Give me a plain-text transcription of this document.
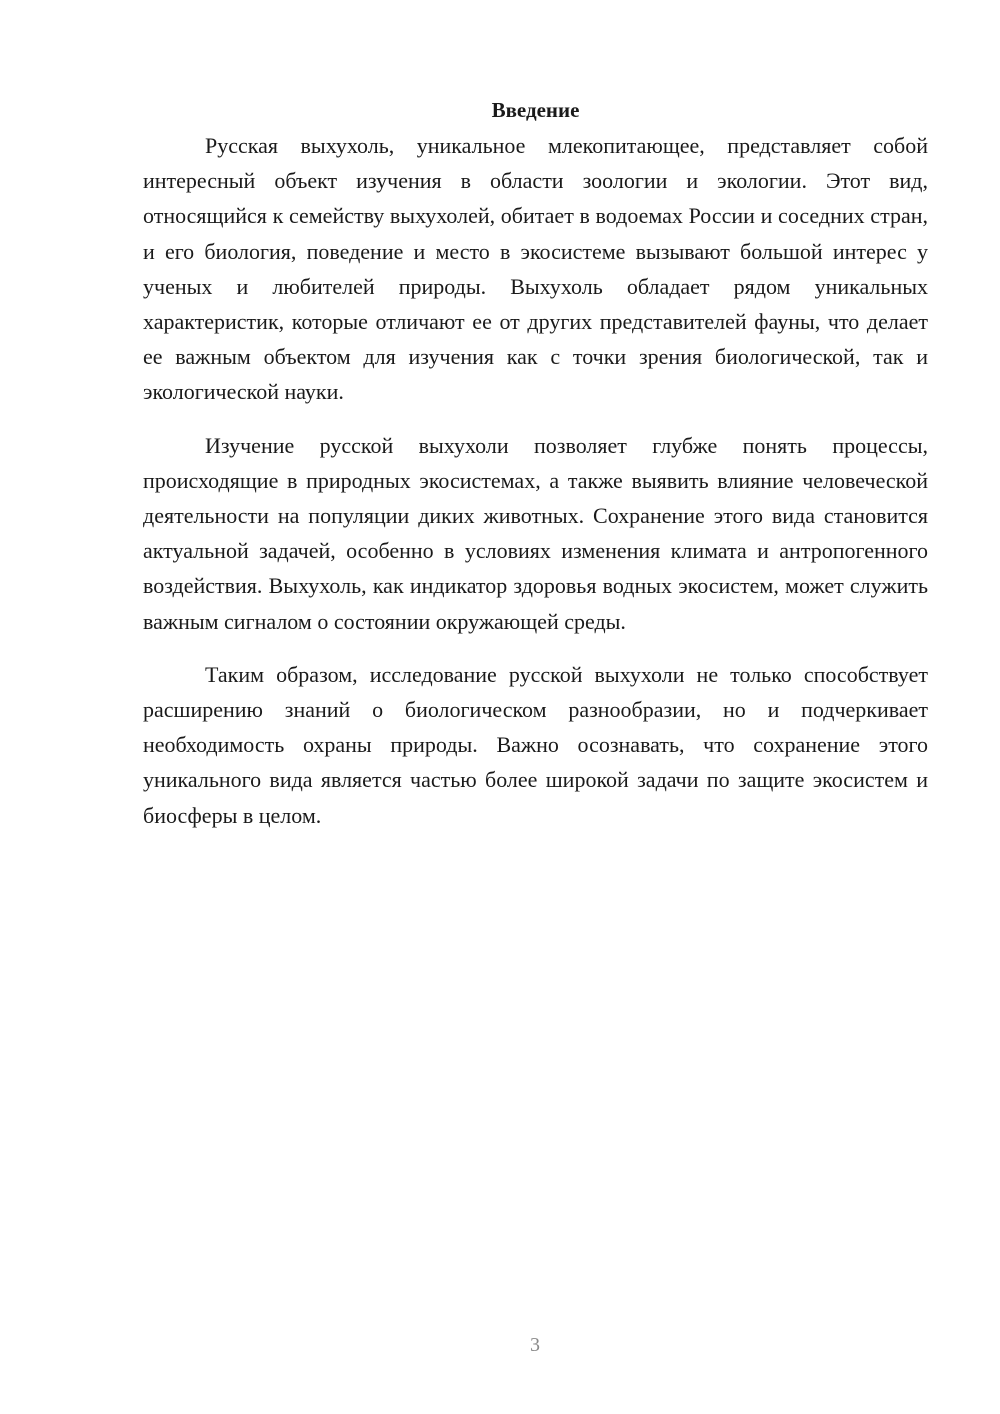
Введение

Русская выхухоль, уникальное млекопитающее, представляет собой интересный объект изучения в области зоологии и экологии. Этот вид, относящийся к семейству выхухолей, обитает в водоемах России и соседних стран, и его биология, поведение и место в экосистеме вызывают большой интерес у ученых и любителей природы. Выхухоль обладает рядом уникальных характеристик, которые отличают ее от других представителей фауны, что делает ее важным объектом для изучения как с точки зрения биологической, так и экологической науки.

Изучение русской выхухоли позволяет глубже понять процессы, происходящие в природных экосистемах, а также выявить влияние человеческой деятельности на популяции диких животных. Сохранение этого вида становится актуальной задачей, особенно в условиях изменения климата и антропогенного воздействия. Выхухоль, как индикатор здоровья водных экосистем, может служить важным сигналом о состоянии окружающей среды.

Таким образом, исследование русской выхухоли не только способствует расширению знаний о биологическом разнообразии, но и подчеркивает необходимость охраны природы. Важно осознавать, что сохранение этого уникального вида является частью более широкой задачи по защите экосистем и биосферы в целом.

3
